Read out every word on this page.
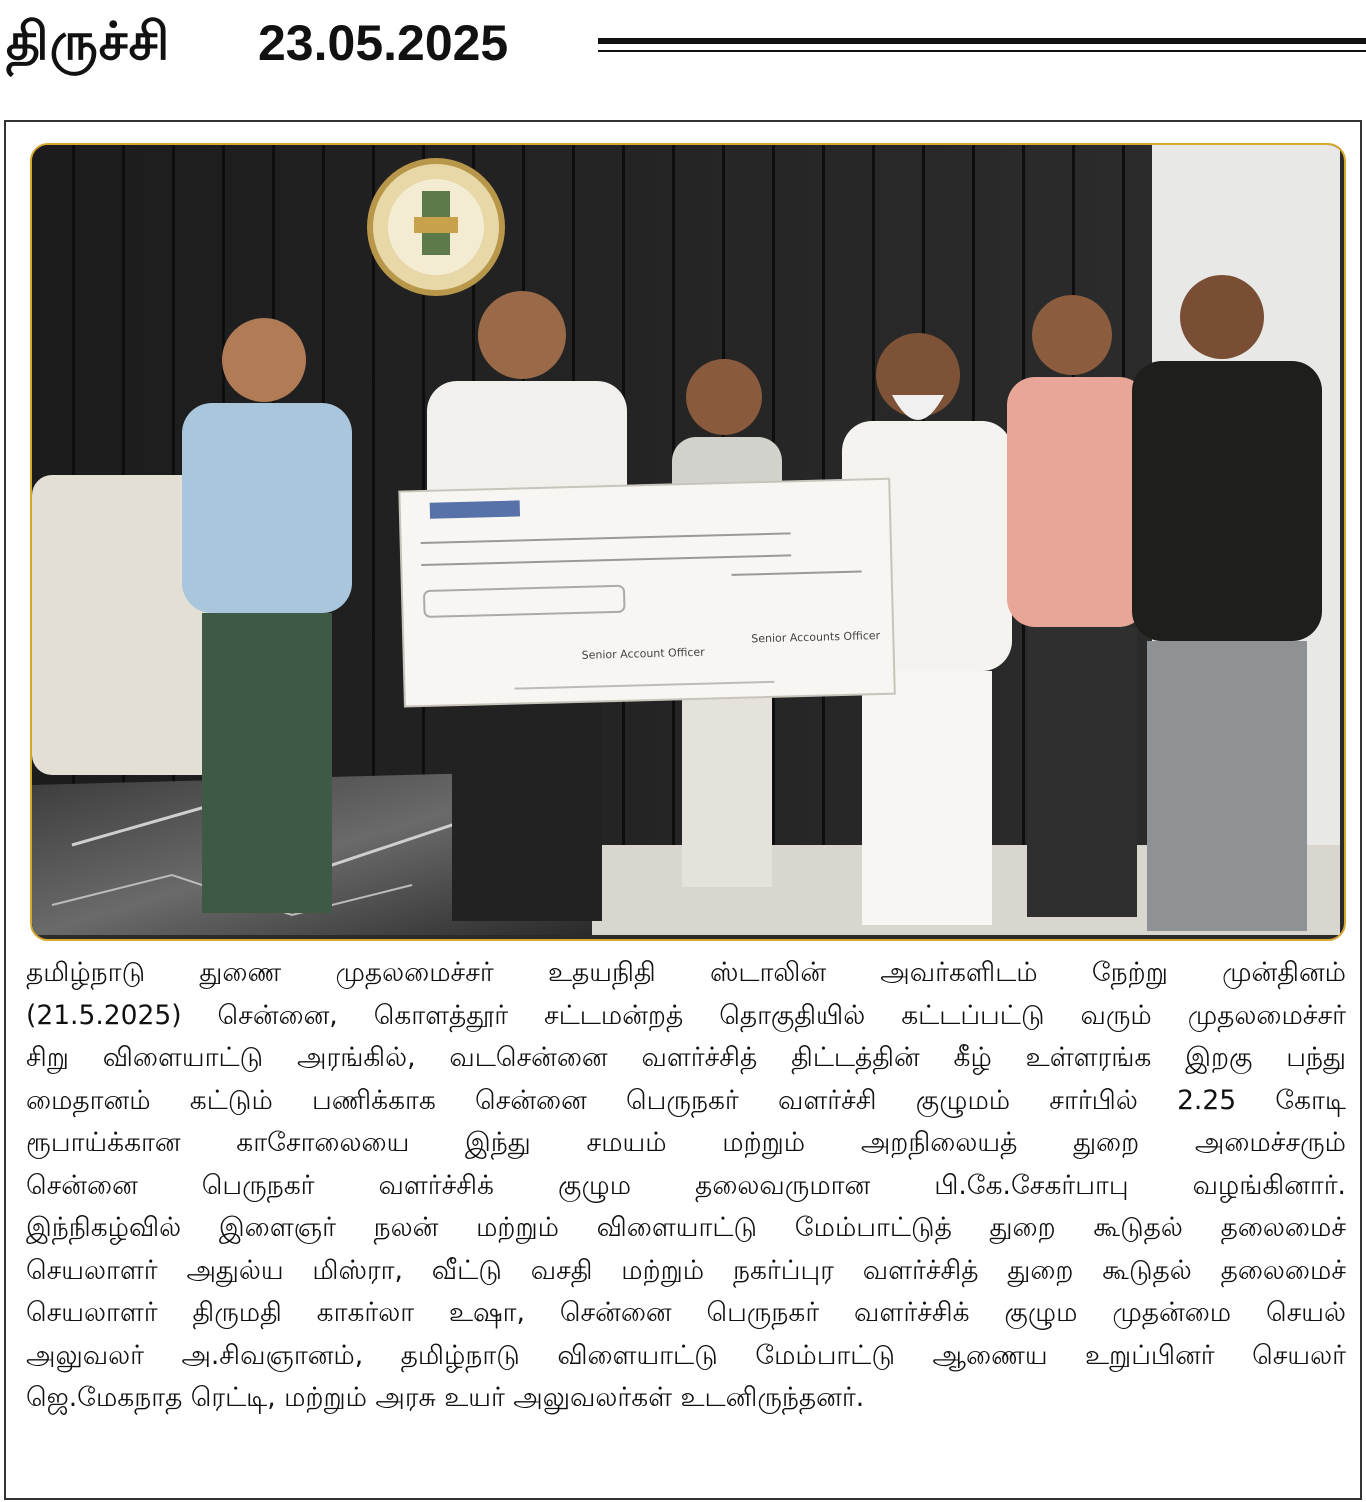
திருச்சி 23.05.2025
Senior Account Officer
Senior Accounts Officer
தமிழ்நாடு துணை முதலமைச்சர் உதயநிதி ஸ்டாலின் அவர்களிடம் நேற்று முன்தினம்
(21.5.2025) சென்னை, கொளத்தூர் சட்டமன்றத் தொகுதியில் கட்டப்பட்டு வரும் முதலமைச்சர்
சிறு விளையாட்டு அரங்கில், வடசென்னை வளர்ச்சித் திட்டத்தின் கீழ் உள்ளரங்க இறகு பந்து
மைதானம் கட்டும் பணிக்காக சென்னை பெருநகர் வளர்ச்சி குழுமம் சார்பில் 2.25 கோடி
ரூபாய்க்கான காசோலையை இந்து சமயம் மற்றும் அறநிலையத் துறை அமைச்சரும்
சென்னை பெருநகர் வளர்ச்சிக் குழும தலைவருமான பி.கே.சேகர்பாபு வழங்கினார்.
இந்நிகழ்வில் இளைஞர் நலன் மற்றும் விளையாட்டு மேம்பாட்டுத் துறை கூடுதல் தலைமைச்
செயலாளர் அதுல்ய மிஸ்ரா, வீட்டு வசதி மற்றும் நகர்ப்புர வளர்ச்சித் துறை கூடுதல் தலைமைச்
செயலாளர் திருமதி காகர்லா உஷா, சென்னை பெருநகர் வளர்ச்சிக் குழும முதன்மை செயல்
அலுவலர் அ.சிவஞானம், தமிழ்நாடு விளையாட்டு மேம்பாட்டு ஆணைய உறுப்பினர் செயலர்
ஜெ.மேகநாத ரெட்டி, மற்றும் அரசு உயர் அலுவலர்கள் உடனிருந்தனர்.
